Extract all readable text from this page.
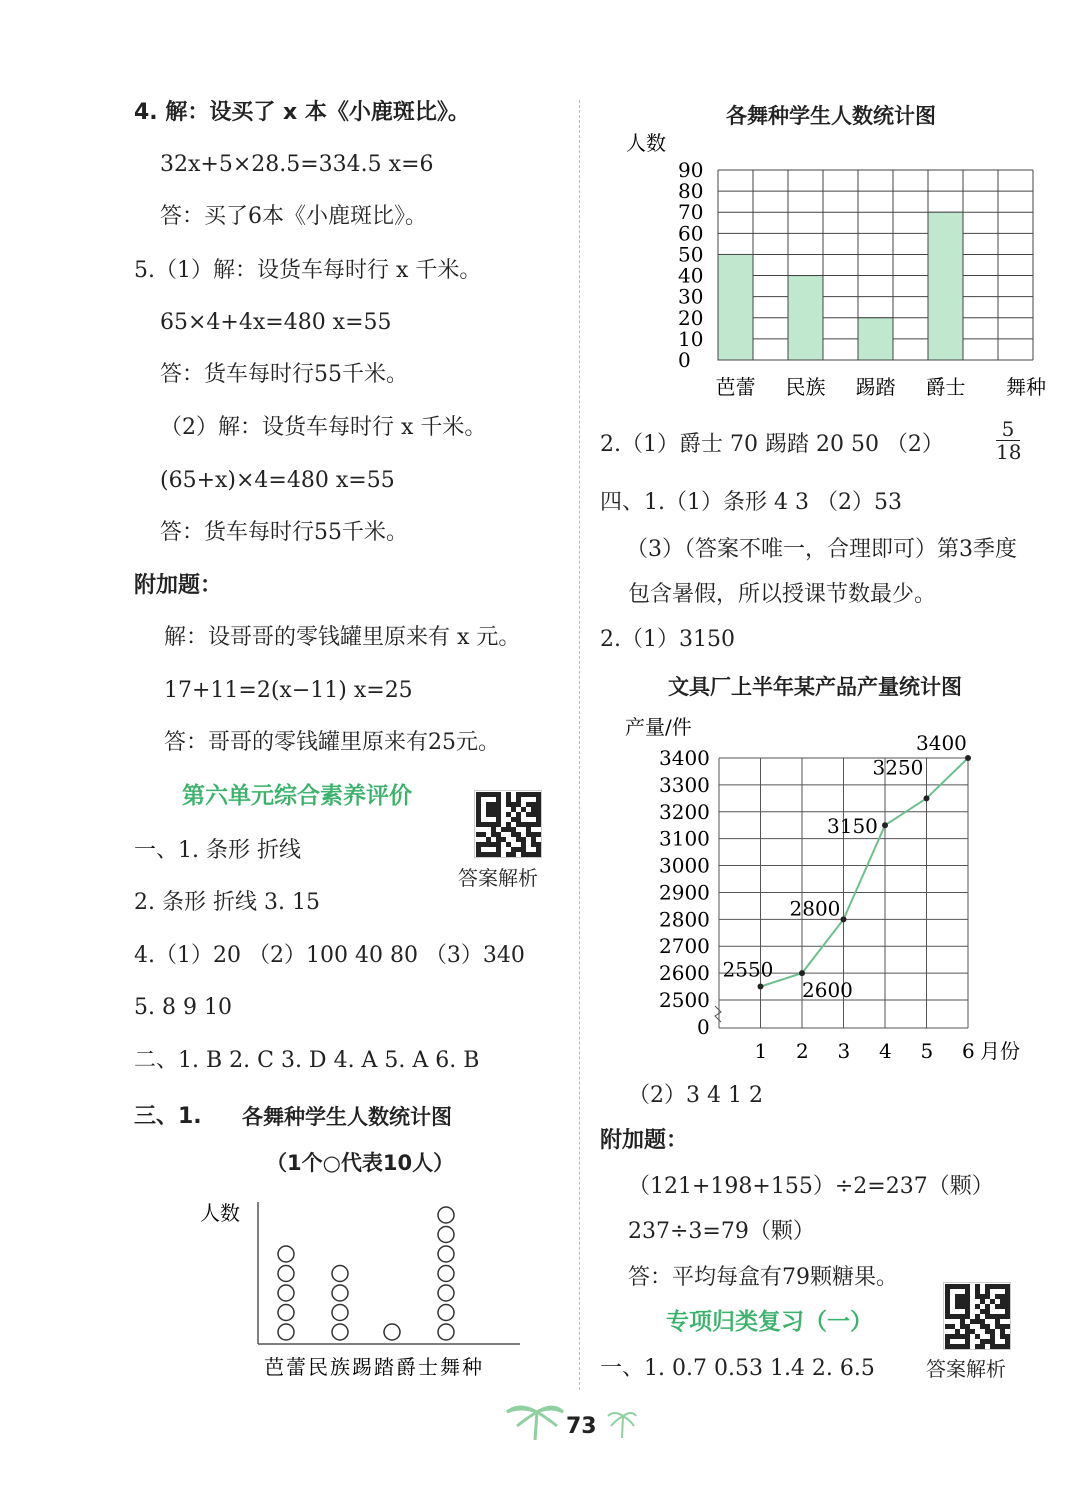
4. 解：设买了 x 本《小鹿斑比》。
32x+5×28.5=334.5 x=6
答：买了6本《小鹿斑比》。
5.（1）解：设货车每时行 x 千米。
65×4+4x=480 x=55
答：货车每时行55千米。
（2）解：设货车每时行 x 千米。
(65+x)×4=480 x=55
答：货车每时行55千米。
附加题：
解：设哥哥的零钱罐里原来有 x 元。
17+11=2(x−11) x=25
答：哥哥的零钱罐里原来有25元。
第六单元综合素养评价
答案解析
一、1. 条形 折线
2. 条形 折线 3. 15
4.（1）20 （2）100 40 80 （3）340
5. 8 9 10
二、1. B 2. C 3. D 4. A 5. A 6. B
三、1. 各舞种学生人数统计图
（1个○代表10人）
人数
芭蕾民族踢踏爵士舞种
各舞种学生人数统计图
人数
0
10
20
30
40
50
60
70
80
90
芭蕾 民族 踢踏 爵士 舞种
2.（1）爵士 70 踢踏 20 50 （2）	$\frac{5}{18}$
四、1.（1）条形 4 3 （2）53
（3）（答案不唯一，合理即可）第3季度
包含暑假，所以授课节数最少。
2.（1）3150
文具厂上半年某产品产量统计图
产量/件
0
2500
2600
2700
2800
2900
3000
3100
3200
3300
3400
2550
2600
2800
3150
3250
3400
1 2 3 4 5 6 月份
（2）3 4 1 2
附加题：
（121+198+155）÷2=237（颗）
237÷3=79（颗）
答：平均每盒有79颗糖果。
专项归类复习（一）
一、1. 0.7 0.53 1.4 2. 6.5	答案解析
73
